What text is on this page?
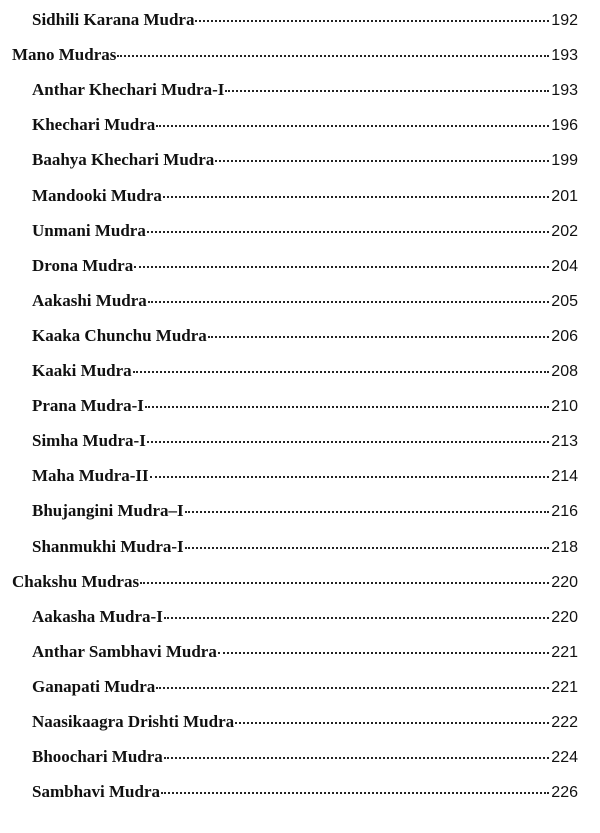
Sidhili Karana Mudra	192
Mano Mudras	193
Anthar Khechari Mudra-I	193
Khechari Mudra	196
Baahya Khechari Mudra	199
Mandooki Mudra	201
Unmani Mudra	202
Drona Mudra	204
Aakashi Mudra	205
Kaaka Chunchu Mudra	206
Kaaki Mudra	208
Prana Mudra-I	210
Simha Mudra-I	213
Maha Mudra-II	214
Bhujangini Mudra–I	216
Shanmukhi Mudra-I	218
Chakshu Mudras	220
Aakasha Mudra-I	220
Anthar Sambhavi Mudra	221
Ganapati Mudra	221
Naasikaagra Drishti Mudra	222
Bhoochari Mudra	224
Sambhavi Mudra	226
